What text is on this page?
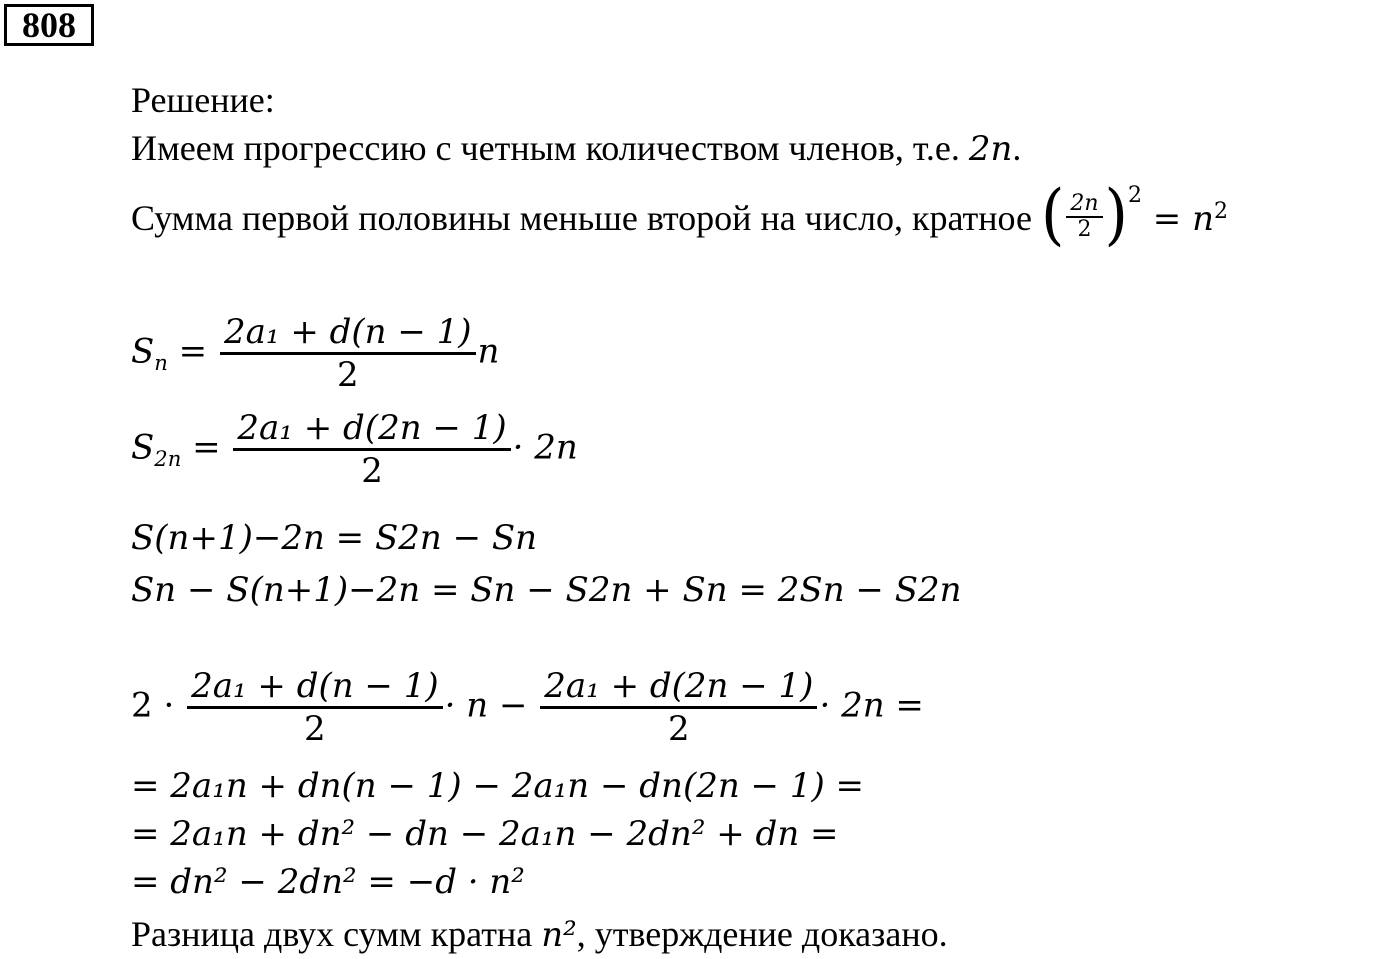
808
Решение:
Имеем прогрессию с четным количеством членов, т.е. 2n.
Сумма первой половины меньше второй на число, кратное ( $\frac{2n}{2} )^2 = n^2$
$S_n = \frac{\text{2a₁ + d(n − 1)}}{2}$ n
$S_{2n} = \frac{\text{2a₁ + d(2n − 1)}}{2} \cdot 2n$
S(n+1)−2n = S2n − Sn
Sn − S(n+1)−2n = Sn − S2n + Sn = 2Sn − S2n
$2 \cdot \frac{\text{2a₁ + d(n − 1)}}{2} \cdot n - \frac{\text{2a₁ + d(2n − 1)}}{2} \cdot 2n$ =
= 2a₁n + dn(n − 1) − 2a₁n − dn(2n − 1) =
= 2a₁n + dn² − dn − 2a₁n − 2dn² + dn =
= dn² − 2dn² = −d · n²
Разница двух сумм кратна n², утверждение доказано.
